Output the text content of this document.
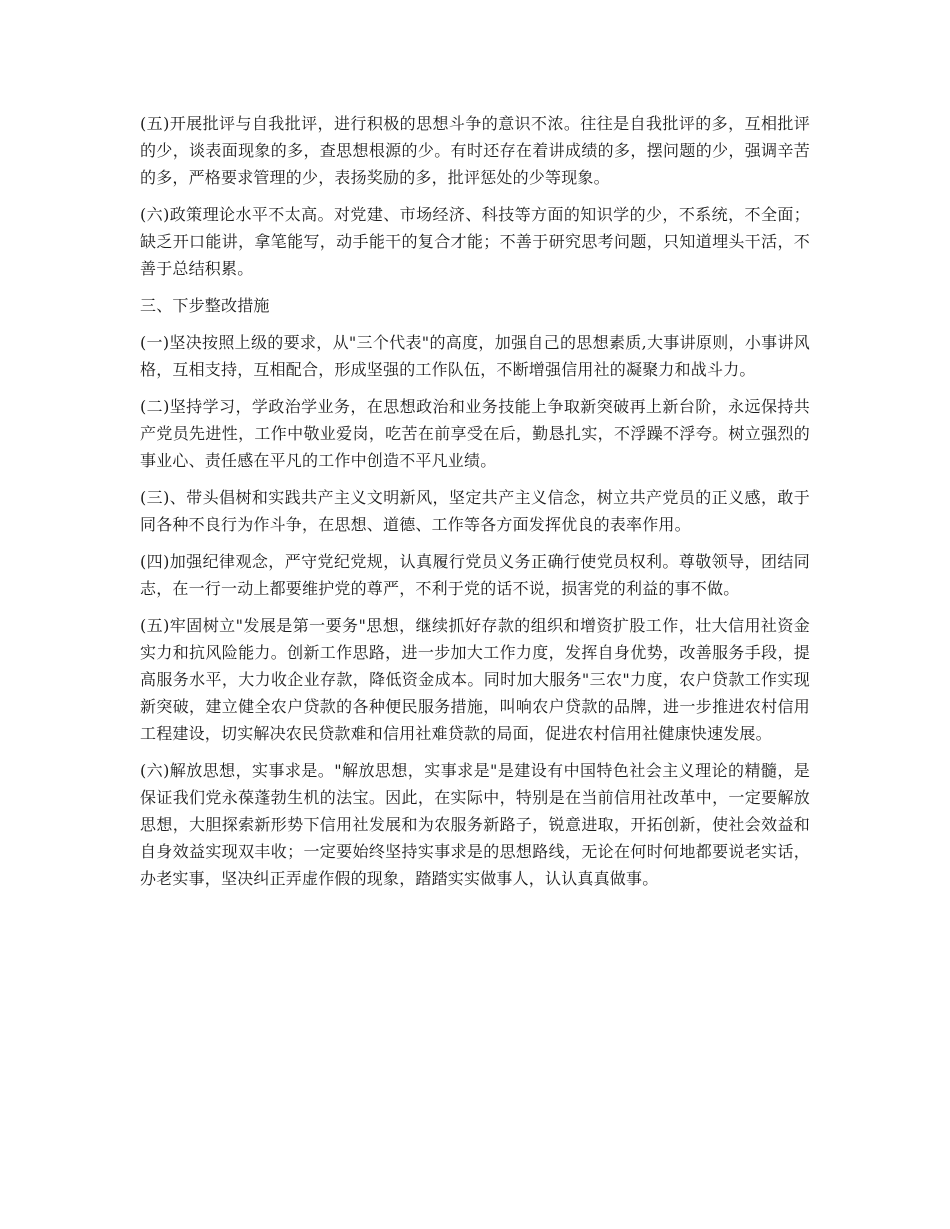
(五)开展批评与自我批评，进行积极的思想斗争的意识不浓。往往是自我批评的多，互相批评的少，谈表面现象的多，查思想根源的少。有时还存在着讲成绩的多，摆问题的少，强调辛苦的多，严格要求管理的少，表扬奖励的多，批评惩处的少等现象。

(六)政策理论水平不太高。对党建、市场经济、科技等方面的知识学的少，不系统，不全面；缺乏开口能讲，拿笔能写，动手能干的复合才能；不善于研究思考问题，只知道埋头干活，不善于总结积累。

三、下步整改措施

(一)坚决按照上级的要求，从"三个代表"的高度，加强自己的思想素质,大事讲原则，小事讲风格，互相支持，互相配合，形成坚强的工作队伍，不断增强信用社的凝聚力和战斗力。

(二)坚持学习，学政治学业务，在思想政治和业务技能上争取新突破再上新台阶，永远保持共产党员先进性，工作中敬业爱岗，吃苦在前享受在后，勤恳扎实，不浮躁不浮夸。树立强烈的事业心、责任感在平凡的工作中创造不平凡业绩。

(三)、带头倡树和实践共产主义文明新风，坚定共产主义信念，树立共产党员的正义感，敢于同各种不良行为作斗争，在思想、道德、工作等各方面发挥优良的表率作用。

(四)加强纪律观念，严守党纪党规，认真履行党员义务正确行使党员权利。尊敬领导，团结同志，在一行一动上都要维护党的尊严，不利于党的话不说，损害党的利益的事不做。

(五)牢固树立"发展是第一要务"思想，继续抓好存款的组织和增资扩股工作，壮大信用社资金实力和抗风险能力。创新工作思路，进一步加大工作力度，发挥自身优势，改善服务手段，提高服务水平，大力收企业存款，降低资金成本。同时加大服务"三农"力度，农户贷款工作实现新突破，建立健全农户贷款的各种便民服务措施，叫响农户贷款的品牌，进一步推进农村信用工程建设，切实解决农民贷款难和信用社难贷款的局面，促进农村信用社健康快速发展。

(六)解放思想，实事求是。"解放思想，实事求是"是建设有中国特色社会主义理论的精髓，是保证我们党永葆蓬勃生机的法宝。因此，在实际中，特别是在当前信用社改革中，一定要解放思想，大胆探索新形势下信用社发展和为农服务新路子，锐意进取，开拓创新，使社会效益和自身效益实现双丰收；一定要始终坚持实事求是的思想路线，无论在何时何地都要说老实话，办老实事，坚决纠正弄虚作假的现象，踏踏实实做事人，认认真真做事。
